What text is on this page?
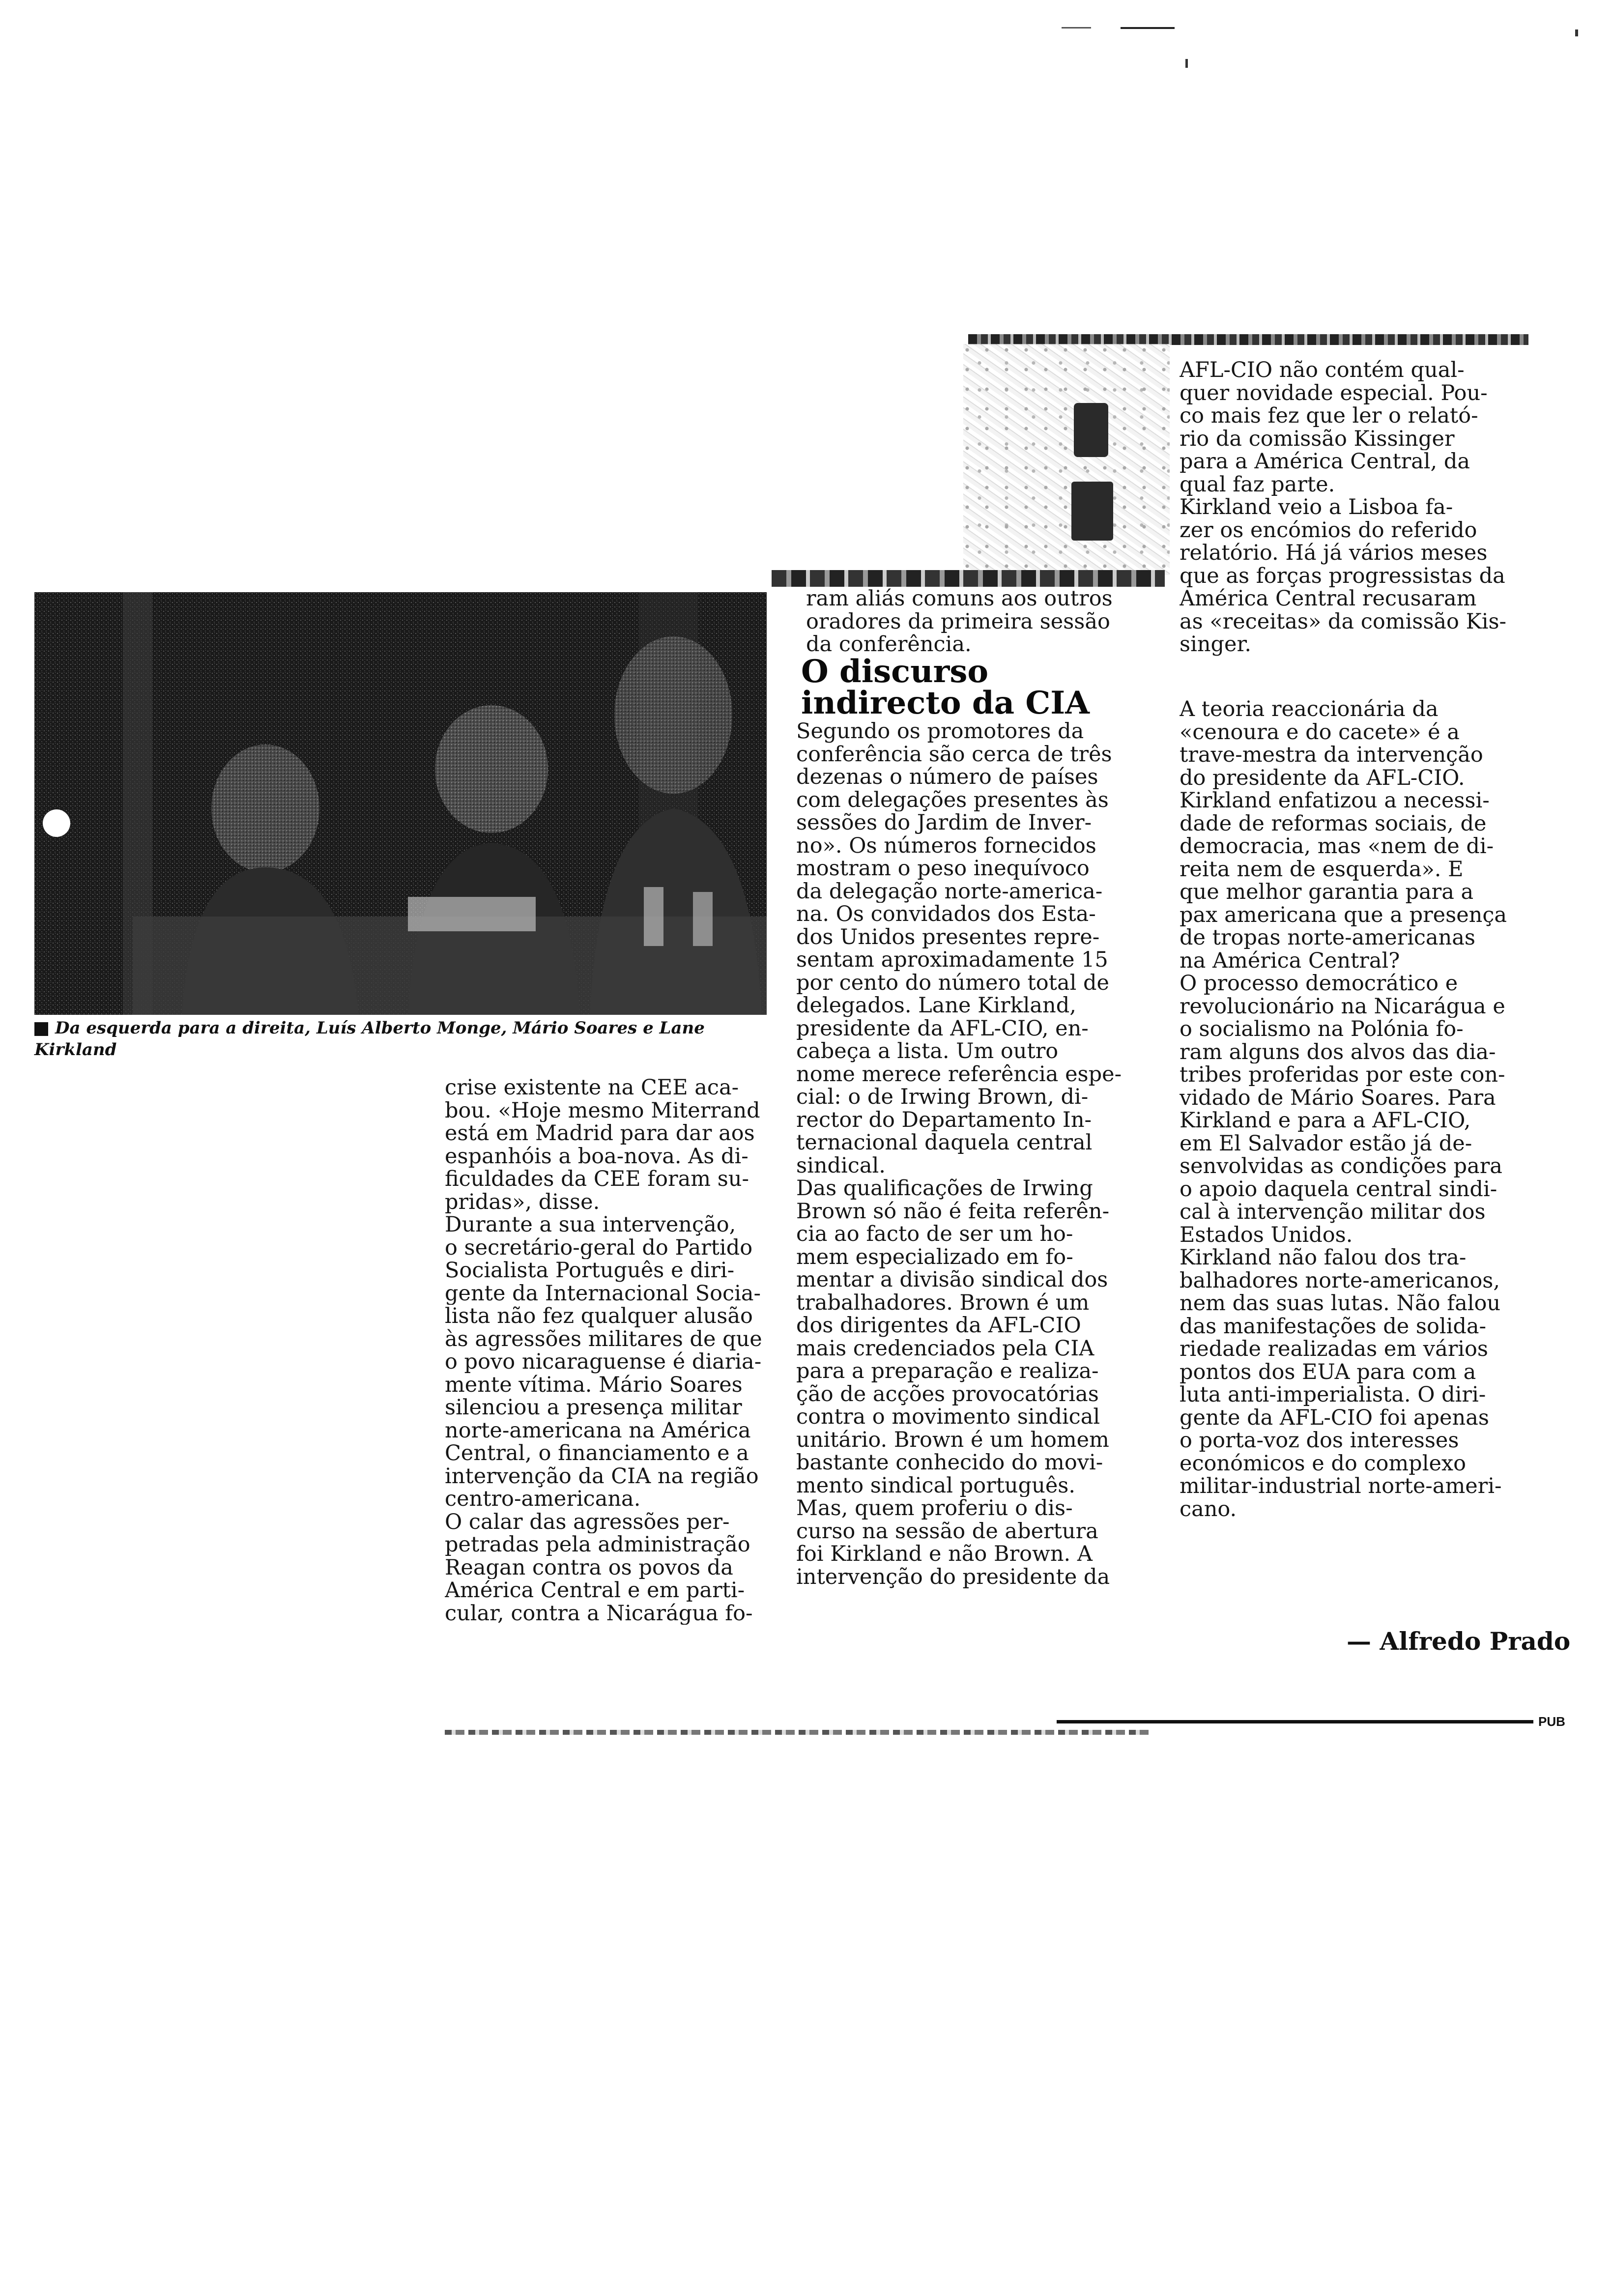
AFL-CIO não contém qual-
quer novidade especial. Pou-
co mais fez que ler o relató-
rio da comissão Kissinger
para a América Central, da
qual faz parte.
Kirkland veio a Lisboa fa-
zer os encómios do referido
relatório. Há já vários meses
que as forças progressistas da
América Central recusaram
as «receitas» da comissão Kis-
singer.
ram aliás comuns aos outros
oradores da primeira sessão
da conferência.
Da esquerda para a direita, Luís Alberto Monge, Mário Soares e Lane Kirkland
O discurso indirecto da CIA
Segundo os promotores da
conferência são cerca de três
dezenas o número de países
com delegações presentes às
sessões do Jardim de Inver-
no». Os números fornecidos
mostram o peso inequívoco
da delegação norte-america-
na. Os convidados dos Esta-
dos Unidos presentes repre-
sentam aproximadamente 15
por cento do número total de
delegados. Lane Kirkland,
presidente da AFL-CIO, en-
cabeça a lista. Um outro
nome merece referência espe-
cial: o de Irwing Brown, di-
rector do Departamento In-
ternacional daquela central
sindical.
Das qualificações de Irwing
Brown só não é feita referên-
cia ao facto de ser um ho-
mem especializado em fo-
mentar a divisão sindical dos
trabalhadores. Brown é um
dos dirigentes da AFL-CIO
mais credenciados pela CIA
para a preparação e realiza-
ção de acções provocatórias
contra o movimento sindical
unitário. Brown é um homem
bastante conhecido do movi-
mento sindical português.
Mas, quem proferiu o dis-
curso na sessão de abertura
foi Kirkland e não Brown. A
intervenção do presidente da
crise existente na CEE aca-
bou. «Hoje mesmo Miterrand
está em Madrid para dar aos
espanhóis a boa-nova. As di-
ficuldades da CEE foram su-
pridas», disse.
Durante a sua intervenção,
o secretário-geral do Partido
Socialista Português e diri-
gente da Internacional Socia-
lista não fez qualquer alusão
às agressões militares de que
o povo nicaraguense é diaria-
mente vítima. Mário Soares
silenciou a presença militar
norte-americana na América
Central, o financiamento e a
intervenção da CIA na região
centro-americana.
O calar das agressões per-
petradas pela administração
Reagan contra os povos da
América Central e em parti-
cular, contra a Nicarágua fo-
A teoria reaccionária da
«cenoura e do cacete» é a
trave-mestra da intervenção
do presidente da AFL-CIO.
Kirkland enfatizou a necessi-
dade de reformas sociais, de
democracia, mas «nem de di-
reita nem de esquerda». E
que melhor garantia para a
pax americana que a presença
de tropas norte-americanas
na América Central?
O processo democrático e
revolucionário na Nicarágua e
o socialismo na Polónia fo-
ram alguns dos alvos das dia-
tribes proferidas por este con-
vidado de Mário Soares. Para
Kirkland e para a AFL-CIO,
em El Salvador estão já de-
senvolvidas as condições para
o apoio daquela central sindi-
cal à intervenção militar dos
Estados Unidos.
Kirkland não falou dos tra-
balhadores norte-americanos,
nem das suas lutas. Não falou
das manifestações de solida-
riedade realizadas em vários
pontos dos EUA para com a
luta anti-imperialista. O diri-
gente da AFL-CIO foi apenas
o porta-voz dos interesses
económicos e do complexo
militar-industrial norte-ameri-
cano.
— Alfredo Prado
PUB
